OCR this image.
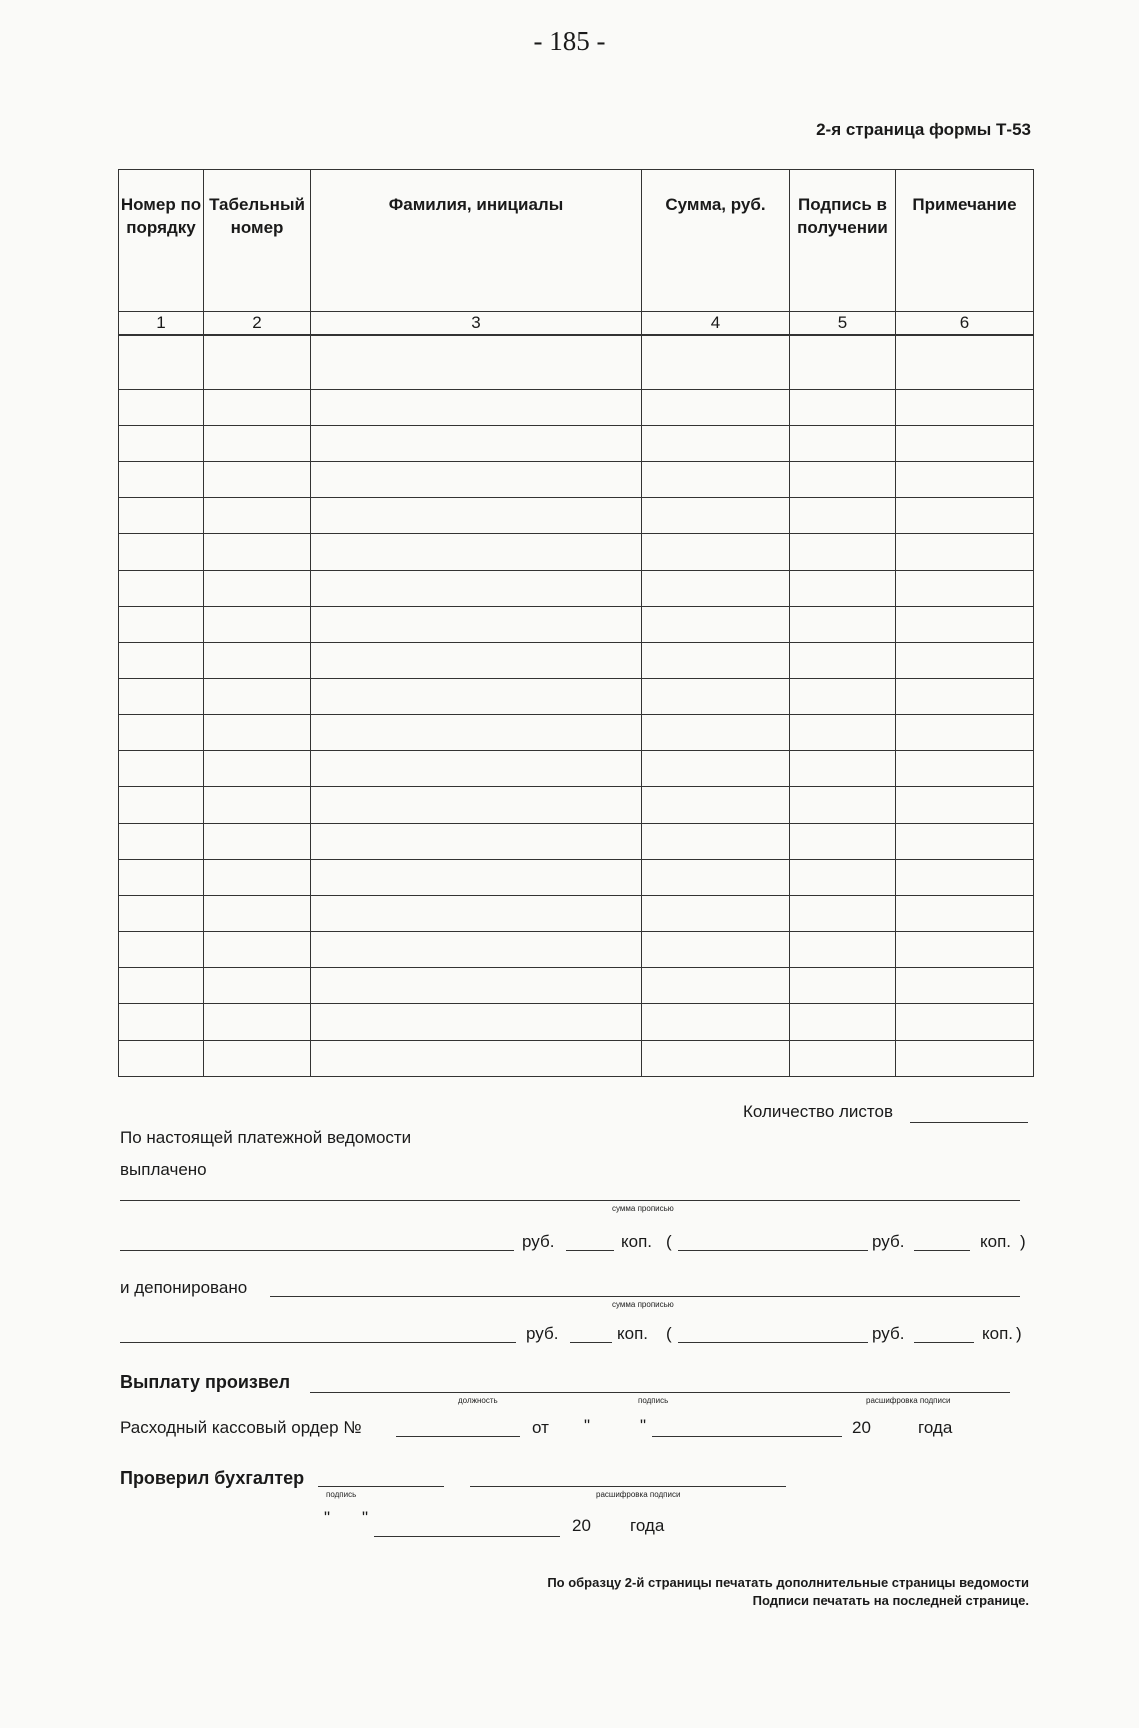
- 185 -
2-я страница формы Т-53
Номер по порядку	Табельный номер	Фамилия, инициалы	Сумма, руб.	Подпись в получении	Примечание
1	2	3	4	5	6

Количество листов
По настоящей платежной ведомости
выплачено
сумма прописью
руб.	коп. (	руб.	коп. )
и депонировано
сумма прописью
руб.	коп. (	руб.	коп. )
Выплату произвел
должность	подпись	расшифровка подписи
Расходный кассовый ордер №	от "	"	20	года
Проверил бухгалтер
подпись	расшифровка подписи
" "	20 года
По образцу 2-й страницы печатать дополнительные страницы ведомости
Подписи печатать на последней странице.
